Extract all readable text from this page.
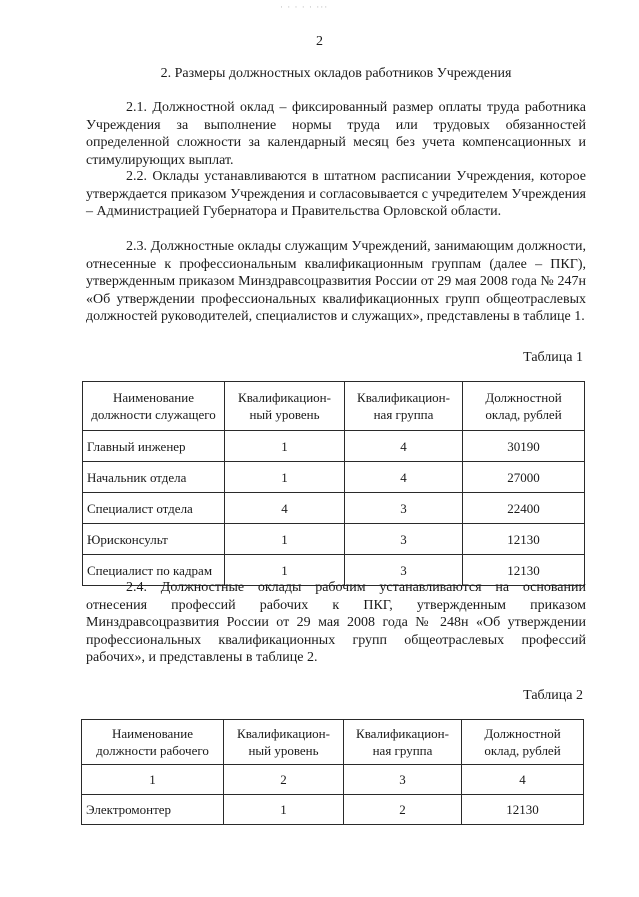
· · · · · ···
2
2. Размеры должностных окладов работников Учреждения

2.1. Должностной оклад – фиксированный размер оплаты труда работника Учреждения за выполнение нормы труда или трудовых обязанностей определенной сложности за календарный месяц без учета компенсационных и стимулирующих выплат.

2.2. Оклады устанавливаются в штатном расписании Учреждения, которое утверждается приказом Учреждения и согласовывается с учредителем Учреждения – Администрацией Губернатора и Правительства Орловской области.

2.3. Должностные оклады служащим Учреждений, занимающим должности, отнесенные к профессиональным квалификационным группам (далее – ПКГ), утвержденным приказом Минздравсоцразвития России от 29 мая 2008 года № 247н «Об утверждении профессиональных квалификационных групп общеотраслевых должностей руководителей, специалистов и служащих», представлены в таблице 1.

Таблица 1
Наименование должности служащего	Квалификацион-ный уровень	Квалификацион-ная группа	Должностной оклад, рублей
Главный инженер	1	4	30190
Начальник отдела	1	4	27000
Специалист отдела	4	3	22400
Юрисконсульт	1	3	12130
Специалист по кадрам	1	3	12130

2.4. Должностные оклады рабочим устанавливаются на основании отнесения профессий рабочих к ПКГ, утвержденным приказом Минздравсоцразвития России от 29 мая 2008 года № 248н «Об утверждении профессиональных квалификационных групп общеотраслевых профессий рабочих», и представлены в таблице 2.

Таблица 2
Наименование должности рабочего	Квалификацион-ный уровень	Квалификацион-ная группа	Должностной оклад, рублей
1	2	3	4
Электромонтер	1	2	12130
